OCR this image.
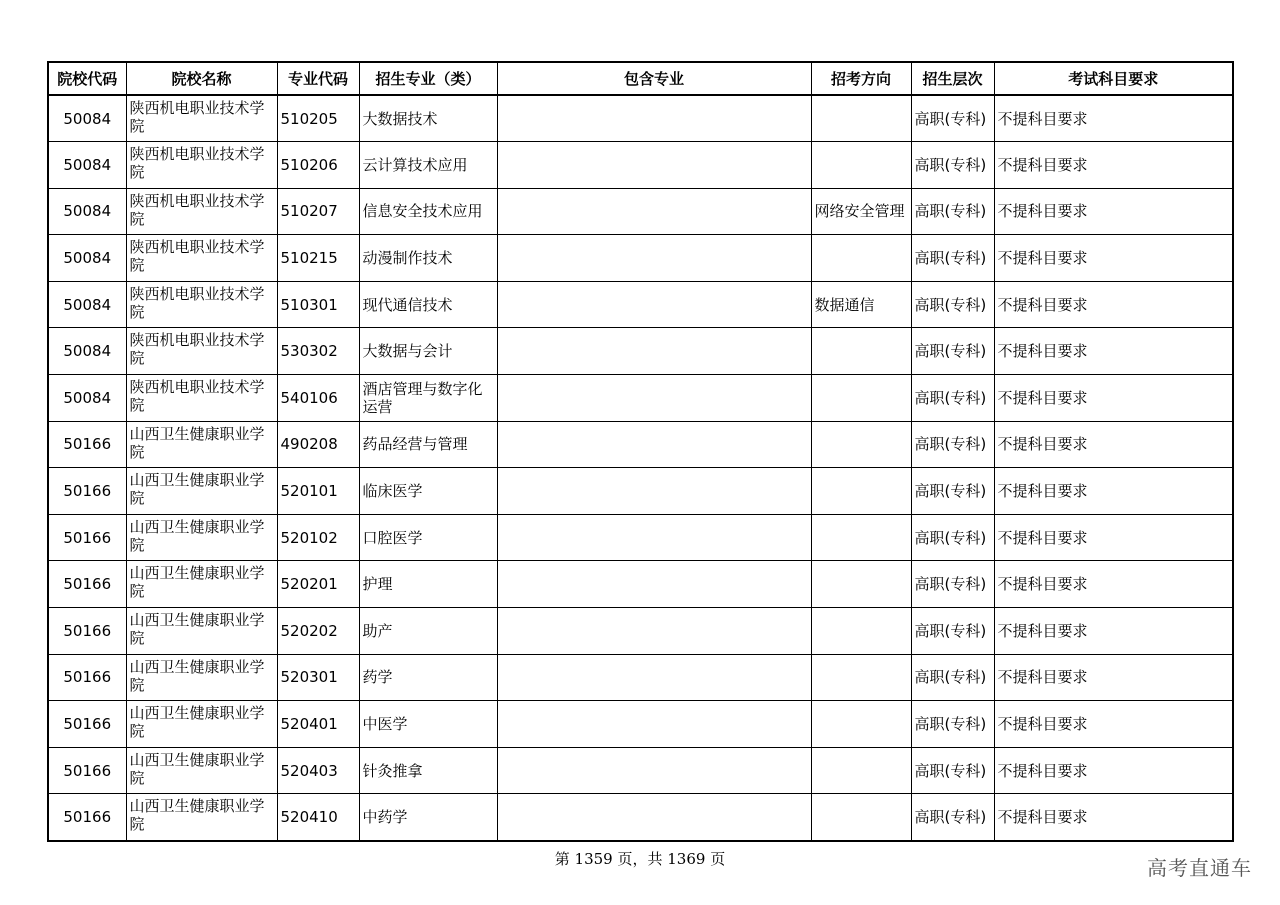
院校代码	院校名称	专业代码	招生专业（类）	包含专业	招考方向	招生层次	考试科目要求
50084	陕西机电职业技术学院	510205	大数据技术			高职(专科)	不提科目要求
50084	陕西机电职业技术学院	510206	云计算技术应用			高职(专科)	不提科目要求
50084	陕西机电职业技术学院	510207	信息安全技术应用		网络安全管理	高职(专科)	不提科目要求
50084	陕西机电职业技术学院	510215	动漫制作技术			高职(专科)	不提科目要求
50084	陕西机电职业技术学院	510301	现代通信技术		数据通信	高职(专科)	不提科目要求
50084	陕西机电职业技术学院	530302	大数据与会计			高职(专科)	不提科目要求
50084	陕西机电职业技术学院	540106	酒店管理与数字化运营			高职(专科)	不提科目要求
50166	山西卫生健康职业学院	490208	药品经营与管理			高职(专科)	不提科目要求
50166	山西卫生健康职业学院	520101	临床医学			高职(专科)	不提科目要求
50166	山西卫生健康职业学院	520102	口腔医学			高职(专科)	不提科目要求
50166	山西卫生健康职业学院	520201	护理			高职(专科)	不提科目要求
50166	山西卫生健康职业学院	520202	助产			高职(专科)	不提科目要求
50166	山西卫生健康职业学院	520301	药学			高职(专科)	不提科目要求
50166	山西卫生健康职业学院	520401	中医学			高职(专科)	不提科目要求
50166	山西卫生健康职业学院	520403	针灸推拿			高职(专科)	不提科目要求
50166	山西卫生健康职业学院	520410	中药学			高职(专科)	不提科目要求
第 1359 页，共 1369 页	高考直通车
